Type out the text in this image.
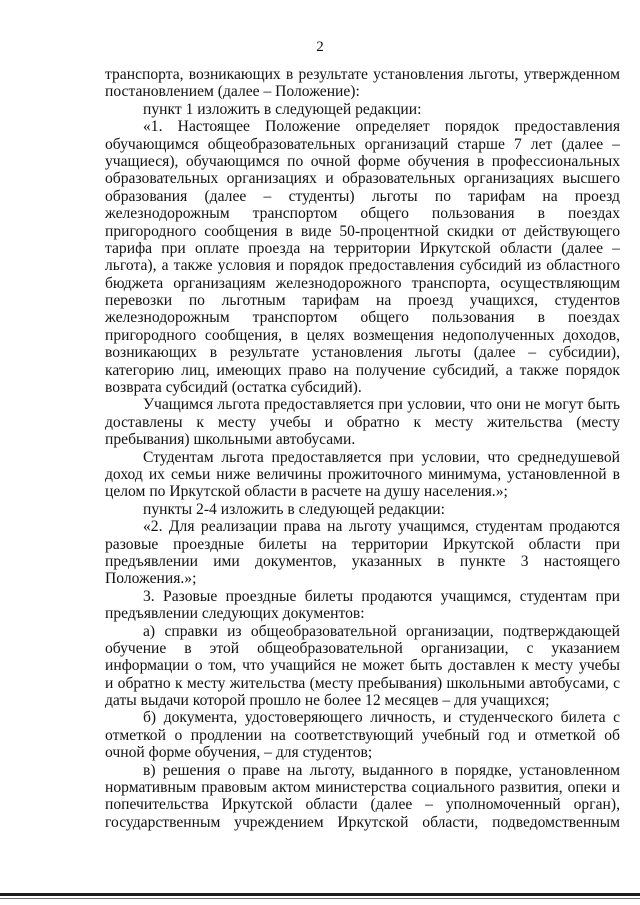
2
транспорта, возникающих в результате установления льготы, утвержденном
постановлением (далее – Положение):
пункт 1 изложить в следующей редакции:
«1. Настоящее Положение определяет порядок предоставления
обучающимся общеобразовательных организаций старше 7 лет (далее –
учащиеся), обучающимся по очной форме обучения в профессиональных
образовательных организациях и образовательных организациях высшего
образования (далее – студенты) льготы по тарифам на проезд
железнодорожным транспортом общего пользования в поездах
пригородного сообщения в виде 50-процентной скидки от действующего
тарифа при оплате проезда на территории Иркутской области (далее –
льгота), а также условия и порядок предоставления субсидий из областного
бюджета организациям железнодорожного транспорта, осуществляющим
перевозки по льготным тарифам на проезд учащихся, студентов
железнодорожным транспортом общего пользования в поездах
пригородного сообщения, в целях возмещения недополученных доходов,
возникающих в результате установления льготы (далее – субсидии),
категорию лиц, имеющих право на получение субсидий, а также порядок
возврата субсидий (остатка субсидий).
Учащимся льгота предоставляется при условии, что они не могут быть
доставлены к месту учебы и обратно к месту жительства (месту
пребывания) школьными автобусами.
Студентам льгота предоставляется при условии, что среднедушевой
доход их семьи ниже величины прожиточного минимума, установленной в
целом по Иркутской области в расчете на душу населения.»;
пункты 2-4 изложить в следующей редакции:
«2. Для реализации права на льготу учащимся, студентам продаются
разовые проездные билеты на территории Иркутской области при
предъявлении ими документов, указанных в пункте 3 настоящего
Положения.»;
3. Разовые проездные билеты продаются учащимся, студентам при
предъявлении следующих документов:
а) справки из общеобразовательной организации, подтверждающей
обучение в этой общеобразовательной организации, с указанием
информации о том, что учащийся не может быть доставлен к месту учебы
и обратно к месту жительства (месту пребывания) школьными автобусами, с
даты выдачи которой прошло не более 12 месяцев – для учащихся;
б) документа, удостоверяющего личность, и студенческого билета с
отметкой о продлении на соответствующий учебный год и отметкой об
очной форме обучения, – для студентов;
в) решения о праве на льготу, выданного в порядке, установленном
нормативным правовым актом министерства социального развития, опеки и
попечительства Иркутской области (далее – уполномоченный орган),
государственным учреждением Иркутской области, подведомственным
